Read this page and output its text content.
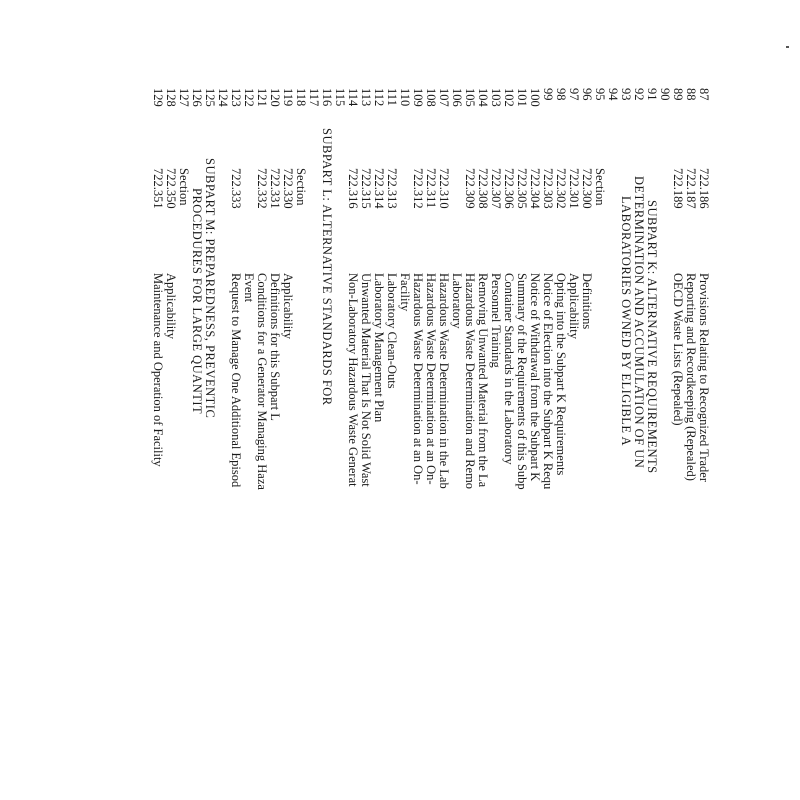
87
722.186
Provisions Relating to Recognized Trader
88
722.187
Reporting and Recordkeeping (Repealed)
89
722.189
OECD Waste Lists (Repealed)
90
91
SUBPART K: ALTERNATIVE REQUIREMENTS
92
DETERMINATION AND ACCUMULATION OF UN
93
LABORATORIES OWNED BY ELIGIBLE A
94
95
Section
96
722.300
Definitions
97
722.301
Applicability
98
722.302
Opting into the Subpart K Requirements
99
722.303
Notice of Election into the Subpart K Requ
100
722.304
Notice of Withdrawal from the Subpart K
101
722.305
Summary of the Requirements of this Subp
102
722.306
Container Standards in the Laboratory
103
722.307
Personnel Training
104
722.308
Removing Unwanted Material from the La
105
722.309
Hazardous Waste Determination and Remo
106
Laboratory
107
722.310
Hazardous Waste Determination in the Lab
108
722.311
Hazardous Waste Determination at an On-
109
722.312
Hazardous Waste Determination at an On-
110
Facility
111
722.313
Laboratory Clean-Outs
112
722.314
Laboratory Management Plan
113
722.315
Unwanted Material That Is Not Solid Wast
114
722.316
Non-Laboratory Hazardous Waste Generat
115
116
SUBPART L: ALTERNATIVE STANDARDS FOR
117
118
Section
119
722.330
Applicability
120
722.331
Definitions for this Subpart L
121
722.332
Conditions for a Generator Managing Haza
122
Event
123
722.333
Request to Manage One Additional Episod
124
125
SUBPART M: PREPAREDNESS, PREVENTIC
126
PROCEDURES FOR LARGE QUANTIT
127
Section
128
722.350
Applicability
129
722.351
Maintenance and Operation of Facility
